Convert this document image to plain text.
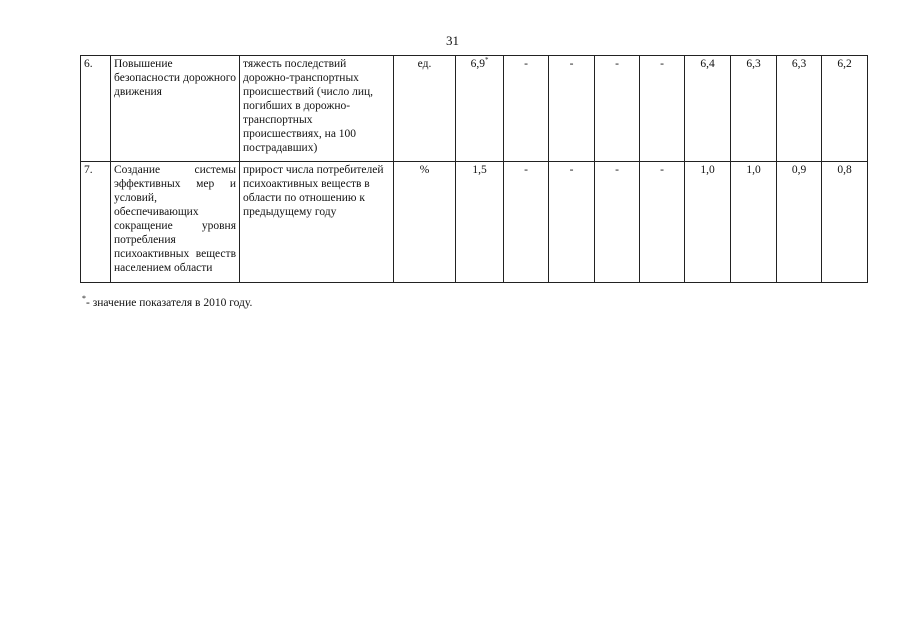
31
6.	Повышение безопасности дорожного движения	тяжесть последствий дорожно-транспортных происшествий (число лиц, погибших в дорожно-транспортных происшествиях, на 100 пострадавших)	ед.	6,9*	-	-	-	-	6,4	6,3	6,3	6,2
7.	Создание системы эффективных мер и условий, обеспечивающих сокращение уровня потребления психоактивных веществ населением области	прирост числа потребителей психоактивных веществ в области по отношению к предыдущему году	%	1,5	-	-	-	-	1,0	1,0	0,9	0,8
*- значение показателя в 2010 году.
